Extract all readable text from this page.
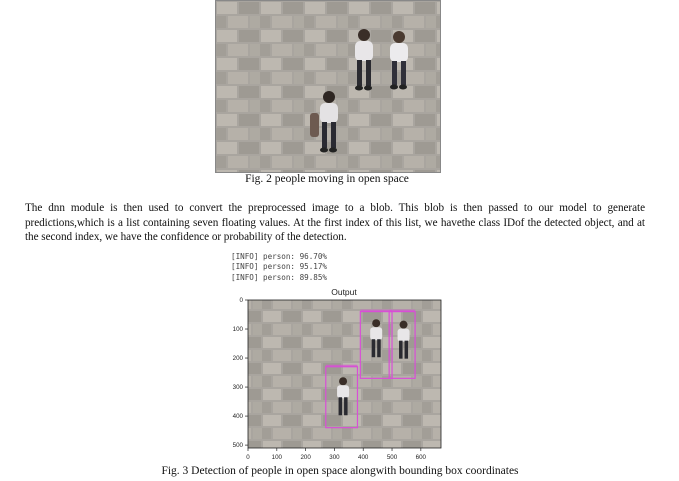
Fig. 2 people moving in open space
The dnn module is then used to convert the preprocessed image to a blob. This blob is then passed to our model to generate predictions,which is a list containing seven floating values. At the first index of this list, we havethe class IDof the detected object, and at the second index, we have the confidence or probability of the detection.
[INFO] person: 96.70%
[INFO] person: 95.17%
[INFO] person: 89.85%
Output
0	100	200	300	400	500	600
0
100
200
300
400
500
Fig. 3 Detection of people in open space alongwith bounding box coordinates
